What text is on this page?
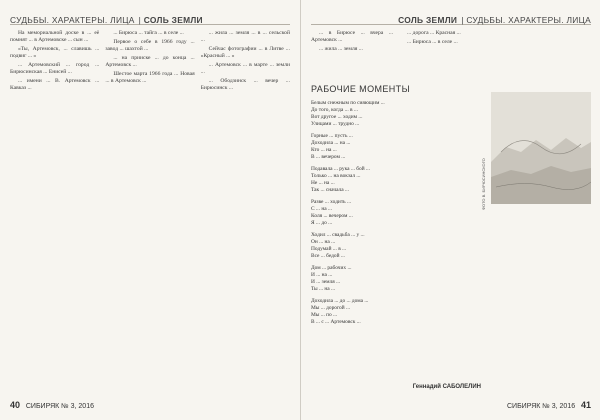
СУДЬБЫ. ХАРАКТЕРЫ. ЛИЦА | СОЛЬ ЗЕМЛИ

На мемориальной доске в ... её помнят ... в Артемовске ... сын ...

«Ты, Артемовск, ... славишь ... подвиг ... »

... Артемовский ... город ... Бирюсинская ... Енисей ...

... имени ... В. Артемовск ... Кавказ ...

... Бирюса ... тайга ... в селе ...

Первое о себе в 1966 году ... завод ... шахтой ...

... на прииске ... до конца ... Артемовск ...

Шестое марта 1966 года ... Новая ... в Артемовск ...

... жила ... земля ... в ... сельской ...

Сейчас фотографии ... в Литве ... «Красный ... »

... Артемовск ... в марте ... земли ...

... Ободзинск ... вечер ... Бирюсинск ...

40 СИБИРЯК № 3, 2016
СОЛЬ ЗЕМЛИ | СУДЬБЫ. ХАРАКТЕРЫ. ЛИЦА

... в Бирюсе ... вчера ... Артемовск ...

... жила ... земля ...

... дорога ... Красная ...

... Бирюса ... в селе ...

ФОТО В. БИРЮСИНСКОГО
РАБОЧИЕ МОМЕНТЫ
Белым снежным по сияющим ...
До того, когда ... в ...
Вот другое ... ходим ...
Улицами ... трудно ...
Горные ... пусть ...
Доходила ... на ...
Кто ... на ...
В ... вечером ...
Подавала ... рука ... бой ...
Только ... на вокзал ...
Не ... на ...
Так ... сначала ...
Разве ... ходить ...
С ... на ...
Коля ... вечером ...
Я ... до ...
Ходил ... свадьба ... у ...
Он ... на ...
Подумай ... в ...
Все ... бедой ...
Дом ... рабочих ...
И ... на ...
И ... земля ...
Ты ... на ...
Доходила ... до ... дома ...
Мы ... дорогой ...
Мы ... по ...
В ... с ... Артемовск ...
Геннадий САБОЛЕЛИН
СИБИРЯК № 3, 2016 41
